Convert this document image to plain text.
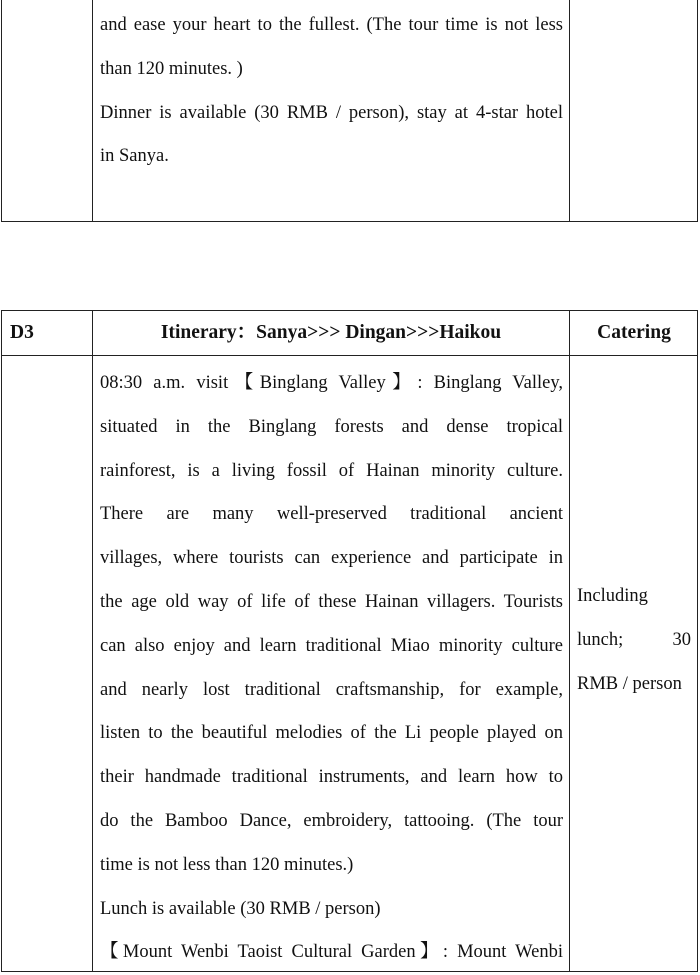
and ease your heart to the fullest. (The tour time is not less
than 120 minutes. )
Dinner is available (30 RMB / person), stay at 4-star hotel
in Sanya.
D3	Itinerary：Sanya>>> Dingan>>>Haikou	Catering
08:30 a.m. visit【Binglang Valley】: Binglang Valley,
situated in the Binglang forests and dense tropical
rainforest, is a living fossil of Hainan minority culture.
There are many well-preserved traditional ancient
villages, where tourists can experience and participate in
the age old way of life of these Hainan villagers. Tourists
can also enjoy and learn traditional Miao minority culture
and nearly lost traditional craftsmanship, for example,
listen to the beautiful melodies of the Li people played on
their handmade traditional instruments, and learn how to
do the Bamboo Dance, embroidery, tattooing. (The tour
time is not less than 120 minutes.)
Lunch is available (30 RMB / person)
【Mount Wenbi Taoist Cultural Garden】: Mount Wenbi
Including
lunch;          30
RMB / person
